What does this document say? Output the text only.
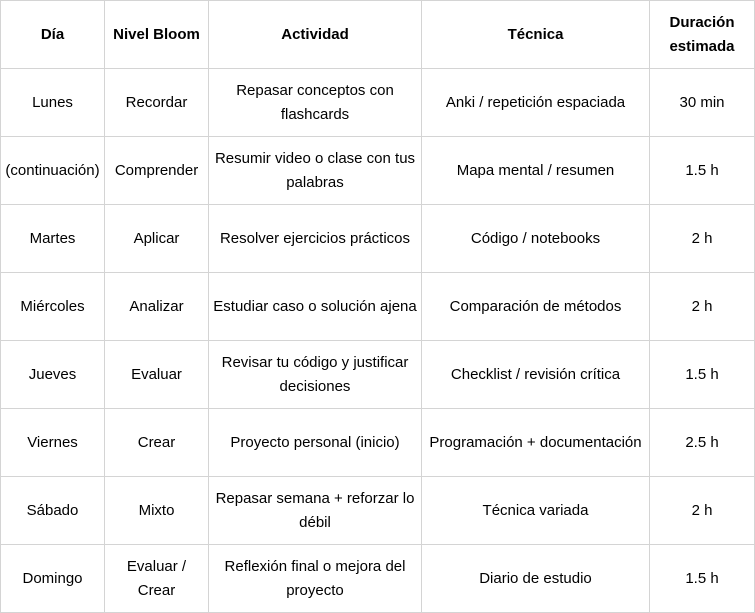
Día	Nivel Bloom	Actividad	Técnica	Duración estimada
Lunes	Recordar	Repasar conceptos con flashcards	Anki / repetición espaciada	30 min
(continuación)	Comprender	Resumir video o clase con tus palabras	Mapa mental / resumen	1.5 h
Martes	Aplicar	Resolver ejercicios prácticos	Código / notebooks	2 h
Miércoles	Analizar	Estudiar caso o solución ajena	Comparación de métodos	2 h
Jueves	Evaluar	Revisar tu código y justificar decisiones	Checklist / revisión crítica	1.5 h
Viernes	Crear	Proyecto personal (inicio)	Programación + documentación	2.5 h
Sábado	Mixto	Repasar semana + reforzar lo débil	Técnica variada	2 h
Domingo	Evaluar / Crear	Reflexión final o mejora del proyecto	Diario de estudio	1.5 h
